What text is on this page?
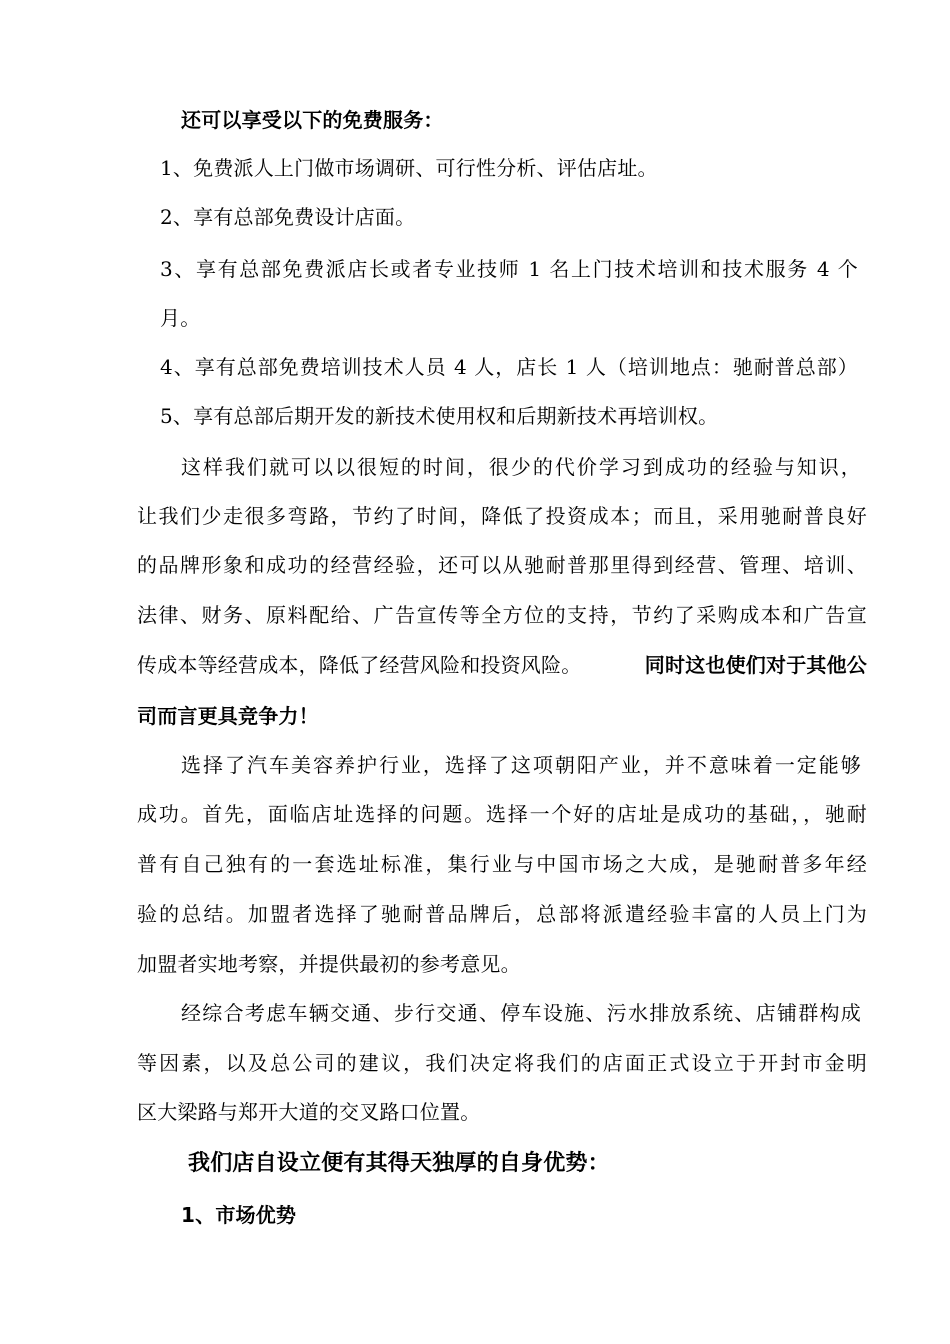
还可以享受以下的免费服务：
1、免费派人上门做市场调研、可行性分析、评估店址。
2、享有总部免费设计店面。
3、享有总部免费派店长或者专业技师 1 名上门技术培训和技术服务 4 个
月。
4、享有总部免费培训技术人员 4 人，店长 1 人（培训地点：驰耐普总部）
5、享有总部后期开发的新技术使用权和后期新技术再培训权。
这样我们就可以以很短的时间，很少的代价学习到成功的经验与知识，
让我们少走很多弯路，节约了时间，降低了投资成本；而且，采用驰耐普良好
的品牌形象和成功的经营经验，还可以从驰耐普那里得到经营、管理、培训、
法律、财务、原料配给、广告宣传等全方位的支持，节约了采购成本和广告宣
传成本等经营成本，降低了经营风险和投资风险。	同时这也使们对于其他公
司而言更具竞争力！
选择了汽车美容养护行业，选择了这项朝阳产业，并不意味着一定能够
成功。首先，面临店址选择的问题。选择一个好的店址是成功的基础，，驰耐
普有自己独有的一套选址标准，集行业与中国市场之大成，是驰耐普多年经
验的总结。加盟者选择了驰耐普品牌后，总部将派遣经验丰富的人员上门为
加盟者实地考察，并提供最初的参考意见。
经综合考虑车辆交通、步行交通、停车设施、污水排放系统、店铺群构成
等因素，以及总公司的建议，我们决定将我们的店面正式设立于开封市金明
区大梁路与郑开大道的交叉路口位置。
我们店自设立便有其得天独厚的自身优势：
1、市场优势
